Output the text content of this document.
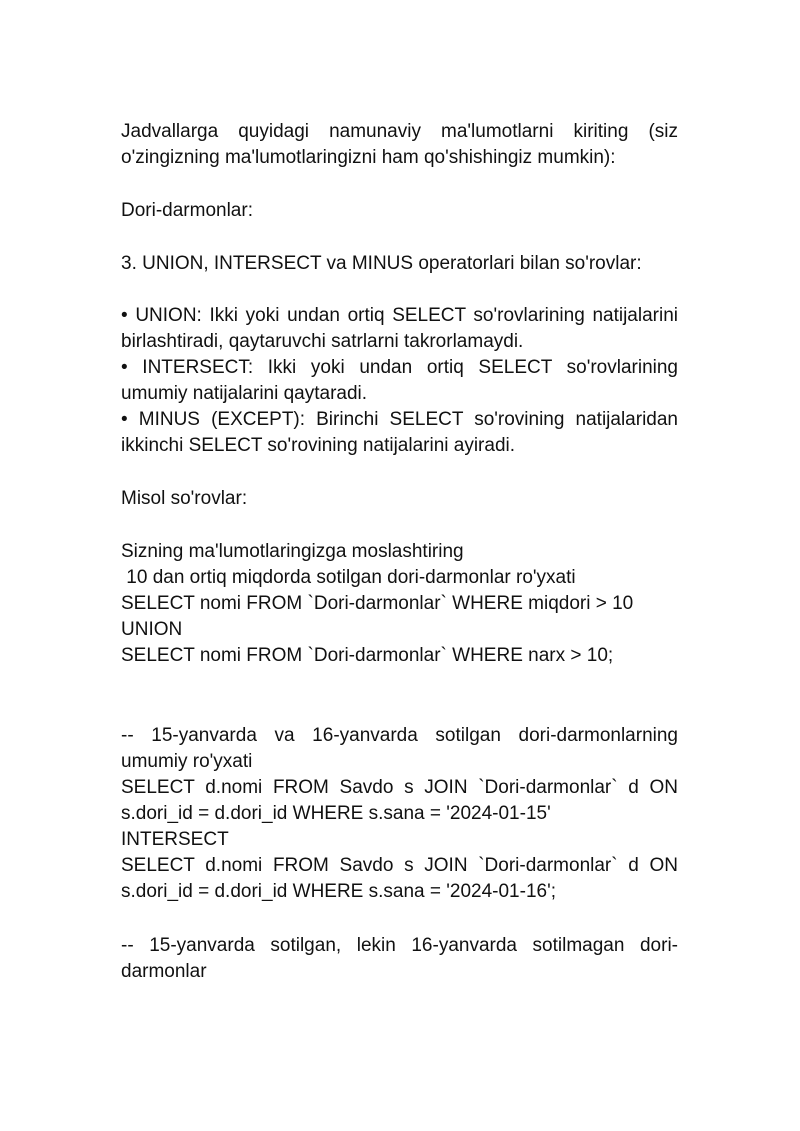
Jadvallarga quyidagi namunaviy ma'lumotlarni kiriting (siz o'zingizning ma'lumotlaringizni ham qo'shishingiz mumkin):

Dori-darmonlar:

3. UNION, INTERSECT va MINUS operatorlari bilan so'rovlar:

• UNION: Ikki yoki undan ortiq SELECT so'rovlarining natijalarini birlashtiradi, qaytaruvchi satrlarni takrorlamaydi.

• INTERSECT: Ikki yoki undan ortiq SELECT so'rovlarining umumiy natijalarini qaytaradi.

• MINUS (EXCEPT): Birinchi SELECT so'rovining natijalaridan ikkinchi SELECT so'rovining natijalarini ayiradi.

Misol so'rovlar:

Sizning ma'lumotlaringizga moslashtiring
10 dan ortiq miqdorda sotilgan dori-darmonlar ro'yxati
SELECT nomi FROM `Dori-darmonlar` WHERE miqdori > 10
UNION
SELECT nomi FROM `Dori-darmonlar` WHERE narx > 10;

-- 15-yanvarda va 16-yanvarda sotilgan dori-darmonlarning umumiy ro'yxati

SELECT d.nomi FROM Savdo s JOIN `Dori-darmonlar` d ON s.dori_id = d.dori_id WHERE s.sana = '2024-01-15'

INTERSECT

SELECT d.nomi FROM Savdo s JOIN `Dori-darmonlar` d ON s.dori_id = d.dori_id WHERE s.sana = '2024-01-16';

-- 15-yanvarda sotilgan, lekin 16-yanvarda sotilmagan dori-darmonlar
